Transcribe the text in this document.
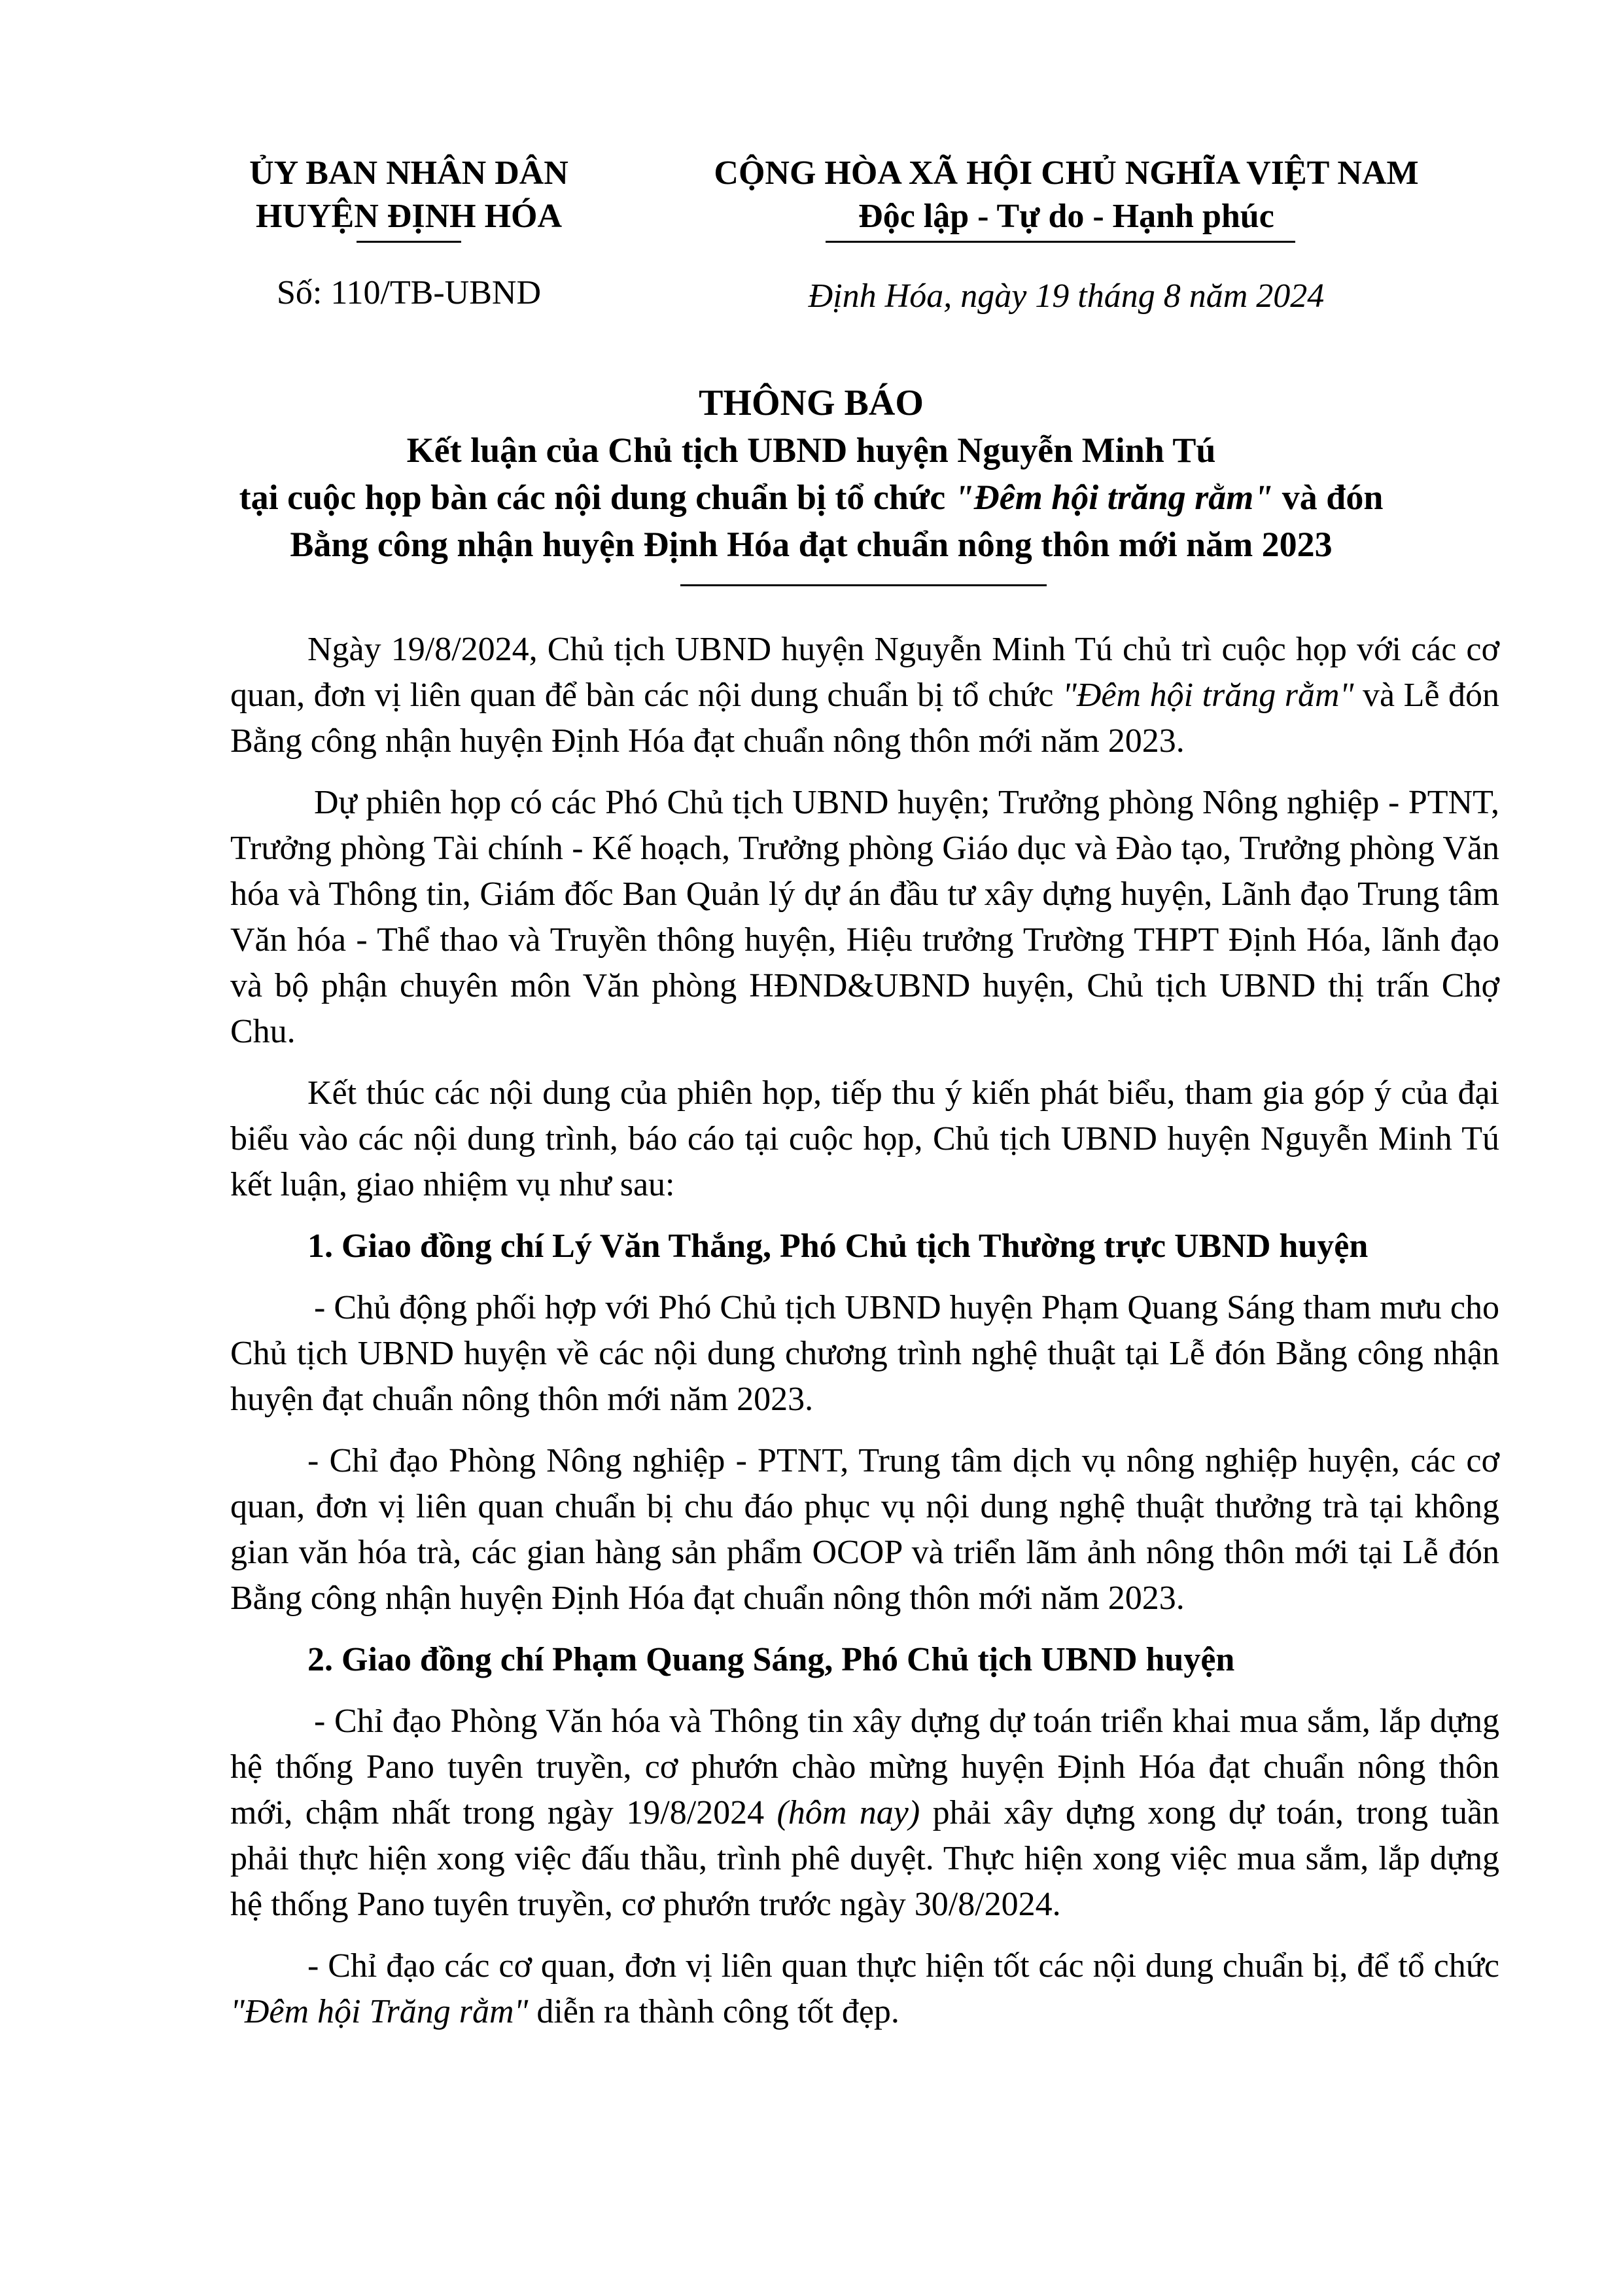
ỦY BAN NHÂN DÂN
HUYỆN ĐỊNH HÓA
CỘNG HÒA XÃ HỘI CHỦ NGHĨA VIỆT NAM
Độc lập - Tự do - Hạnh phúc
Số: 110/TB-UBND	Định Hóa, ngày 19 tháng 8 năm 2024
THÔNG BÁO
Kết luận của Chủ tịch UBND huyện Nguyễn Minh Tú
tại cuộc họp bàn các nội dung chuẩn bị tổ chức "Đêm hội trăng rằm" và đón
Bằng công nhận huyện Định Hóa đạt chuẩn nông thôn mới năm 2023

Ngày 19/8/2024, Chủ tịch UBND huyện Nguyễn Minh Tú chủ trì cuộc họp với các cơ quan, đơn vị liên quan để bàn các nội dung chuẩn bị tổ chức "Đêm hội trăng rằm" và Lễ đón Bằng công nhận huyện Định Hóa đạt chuẩn nông thôn mới năm 2023.

Dự phiên họp có các Phó Chủ tịch UBND huyện; Trưởng phòng Nông nghiệp - PTNT, Trưởng phòng Tài chính - Kế hoạch, Trưởng phòng Giáo dục và Đào tạo, Trưởng phòng Văn hóa và Thông tin, Giám đốc Ban Quản lý dự án đầu tư xây dựng huyện, Lãnh đạo Trung tâm Văn hóa - Thể thao và Truyền thông huyện, Hiệu trưởng Trường THPT Định Hóa, lãnh đạo và bộ phận chuyên môn Văn phòng HĐND&UBND huyện, Chủ tịch UBND thị trấn Chợ Chu.

Kết thúc các nội dung của phiên họp, tiếp thu ý kiến phát biểu, tham gia góp ý của đại biểu vào các nội dung trình, báo cáo tại cuộc họp, Chủ tịch UBND huyện Nguyễn Minh Tú kết luận, giao nhiệm vụ như sau:

1. Giao đồng chí Lý Văn Thắng, Phó Chủ tịch Thường trực UBND huyện

- Chủ động phối hợp với Phó Chủ tịch UBND huyện Phạm Quang Sáng tham mưu cho Chủ tịch UBND huyện về các nội dung chương trình nghệ thuật tại Lễ đón Bằng công nhận huyện đạt chuẩn nông thôn mới năm 2023.

- Chỉ đạo Phòng Nông nghiệp - PTNT, Trung tâm dịch vụ nông nghiệp huyện, các cơ quan, đơn vị liên quan chuẩn bị chu đáo phục vụ nội dung nghệ thuật thưởng trà tại không gian văn hóa trà, các gian hàng sản phẩm OCOP và triển lãm ảnh nông thôn mới tại Lễ đón Bằng công nhận huyện Định Hóa đạt chuẩn nông thôn mới năm 2023.

2. Giao đồng chí Phạm Quang Sáng, Phó Chủ tịch UBND huyện

- Chỉ đạo Phòng Văn hóa và Thông tin xây dựng dự toán triển khai mua sắm, lắp dựng hệ thống Pano tuyên truyền, cơ phướn chào mừng huyện Định Hóa đạt chuẩn nông thôn mới, chậm nhất trong ngày 19/8/2024 (hôm nay) phải xây dựng xong dự toán, trong tuần phải thực hiện xong việc đấu thầu, trình phê duyệt. Thực hiện xong việc mua sắm, lắp dựng hệ thống Pano tuyên truyền, cơ phướn trước ngày 30/8/2024.

- Chỉ đạo các cơ quan, đơn vị liên quan thực hiện tốt các nội dung chuẩn bị, để tổ chức "Đêm hội Trăng rằm" diễn ra thành công tốt đẹp.
